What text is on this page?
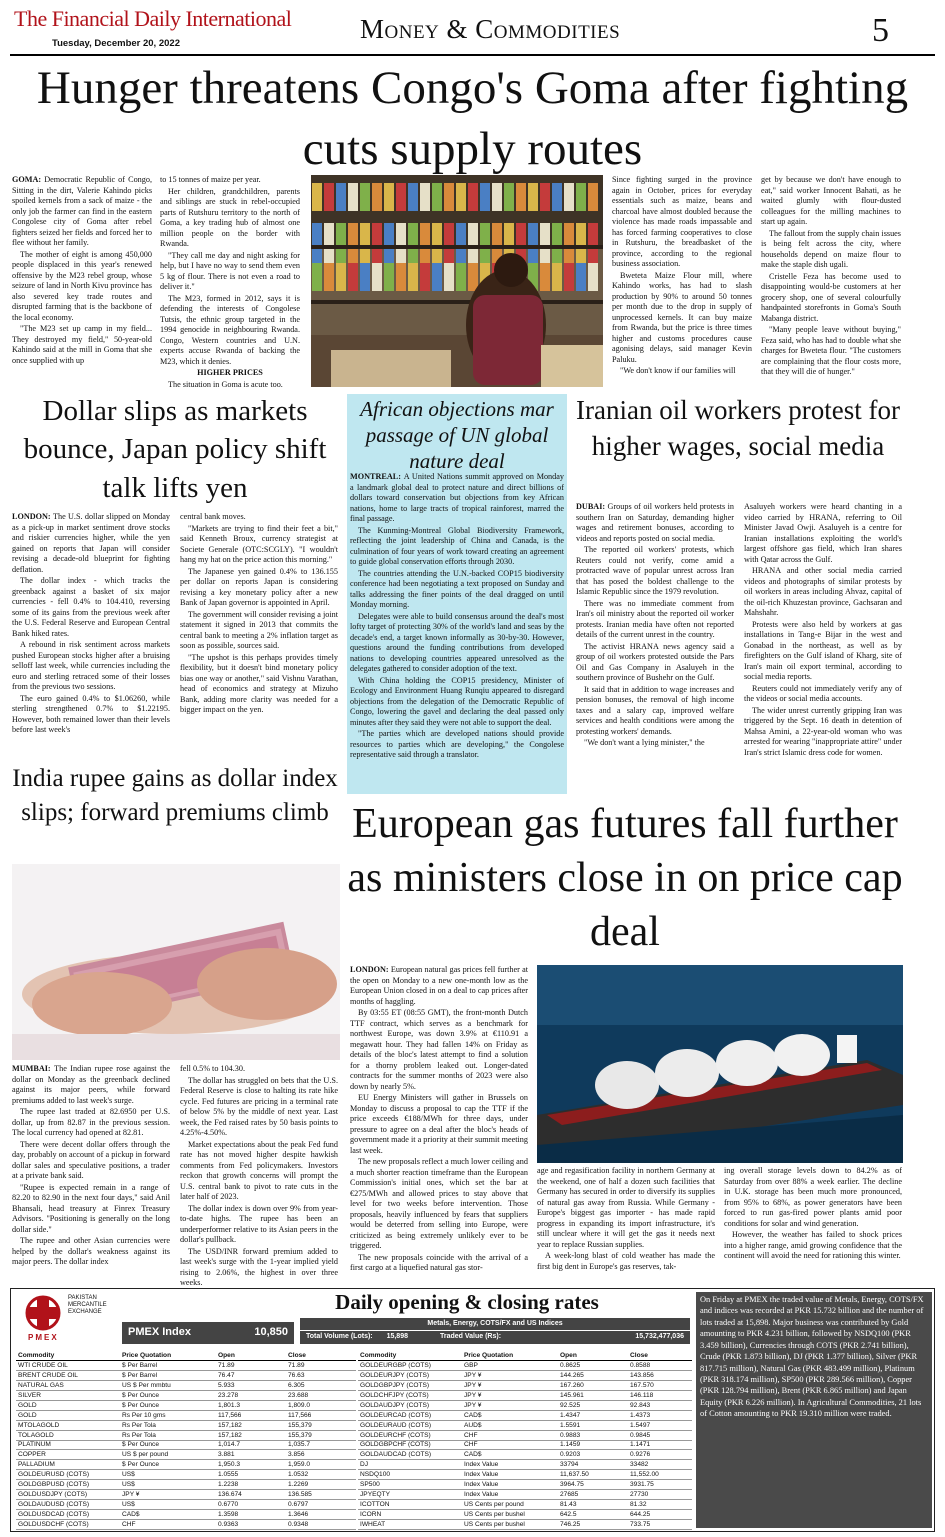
The Financial Daily International
Tuesday, December 20, 2022	Money & Commodities	5
Hunger threatens Congo's Goma after fighting cuts supply routes

GOMA: Democratic Republic of Congo, Sitting in the dirt, Valerie Kahindo picks spoiled kernels from a sack of maize - the only job the farmer can find in the eastern Congolese city of Goma after rebel fighters seized her fields and forced her to flee without her family.

The mother of eight is among 450,000 people displaced in this year's renewed offensive by the M23 rebel group, whose seizure of land in North Kivu province has also severed key trade routes and disrupted farming that is the backbone of the local economy.

"The M23 set up camp in my field... They destroyed my field," 50-year-old Kahindo said at the mill in Goma that she once supplied with up

to 15 tonnes of maize per year.

Her children, grandchildren, parents and siblings are stuck in rebel-occupied parts of Rutshuru territory to the north of Goma, a key trading hub of almost one million people on the border with Rwanda.

"They call me day and night asking for help, but I have no way to send them even 5 kg of flour. There is not even a road to deliver it."

The M23, formed in 2012, says it is defending the interests of Congolese Tutsis, the ethnic group targeted in the 1994 genocide in neighbouring Rwanda. Congo, Western countries and U.N. experts accuse Rwanda of backing the M23, which it denies.

HIGHER PRICES

The situation in Goma is acute too.

Since fighting surged in the province again in October, prices for everyday essentials such as maize, beans and charcoal have almost doubled because the violence has made roads impassable and has forced farming cooperatives to close in Rutshuru, the breadbasket of the province, according to the regional business association.

Bweteta Maize Flour mill, where Kahindo works, has had to slash production by 90% to around 50 tonnes per month due to the drop in supply of unprocessed kernels. It can buy maize from Rwanda, but the price is three times higher and customs procedures cause agonising delays, said manager Kevin Paluku.

"We don't know if our families will

get by because we don't have enough to eat," said worker Innocent Bahati, as he waited glumly with flour-dusted colleagues for the milling machines to start up again.

The fallout from the supply chain issues is being felt across the city, where households depend on maize flour to make the staple dish ugali.

Cristelle Feza has become used to disappointing would-be customers at her grocery shop, one of several colourfully handpainted storefronts in Goma's South Mabanga district.

"Many people leave without buying," Feza said, who has had to double what she charges for Bweteta flour. "The customers are complaining that the flour costs more, that they will die of hunger."

Dollar slips as markets bounce, Japan policy shift talk lifts yen

LONDON: The U.S. dollar slipped on Monday as a pick-up in market sentiment drove stocks and riskier currencies higher, while the yen gained on reports that Japan will consider revising a decade-old blueprint for fighting deflation.

The dollar index - which tracks the greenback against a basket of six major currencies - fell 0.4% to 104.410, reversing some of its gains from the previous week after the U.S. Federal Reserve and European Central Bank hiked rates.

A rebound in risk sentiment across markets pushed European stocks higher after a bruising selloff last week, while currencies including the euro and sterling retraced some of their losses from the previous two sessions.

The euro gained 0.4% to $1.06260, while sterling strengthened 0.7% to $1.22195. However, both remained lower than their levels before last week's

central bank moves.

"Markets are trying to find their feet a bit," said Kenneth Broux, currency strategist at Societe Generale (OTC:SCGLY). "I wouldn't hang my hat on the price action this morning."

The Japanese yen gained 0.4% to 136.155 per dollar on reports Japan is considering revising a key monetary policy after a new Bank of Japan governor is appointed in April.

The government will consider revising a joint statement it signed in 2013 that commits the central bank to meeting a 2% inflation target as soon as possible, sources said.

"The upshot is this perhaps provides timely flexibility, but it doesn't bind monetary policy bias one way or another," said Vishnu Varathan, head of economics and strategy at Mizuho Bank, adding more clarity was needed for a bigger impact on the yen.

African objections mar passage of UN global nature deal

MONTREAL: A United Nations summit approved on Monday a landmark global deal to protect nature and direct billions of dollars toward conservation but objections from key African nations, home to large tracts of tropical rainforest, marred the final passage.

The Kunming-Montreal Global Biodiversity Framework, reflecting the joint leadership of China and Canada, is the culmination of four years of work toward creating an agreement to guide global conservation efforts through 2030.

The countries attending the U.N.-backed COP15 biodiversity conference had been negotiating a text proposed on Sunday and talks addressing the finer points of the deal dragged on until Monday morning.

Delegates were able to build consensus around the deal's most lofty target of protecting 30% of the world's land and seas by the decade's end, a target known informally as 30-by-30. However, questions around the funding contributions from developed nations to developing countries appeared unresolved as the delegates gathered to consider adoption of the text.

With China holding the COP15 presidency, Minister of Ecology and Environment Huang Runqiu appeared to disregard objections from the delegation of the Democratic Republic of Congo, lowering the gavel and declaring the deal passed only minutes after they said they were not able to support the deal.

"The parties which are developed nations should provide resources to parties which are developing," the Congolese representative said through a translator.

Iranian oil workers protest for higher wages, social media

DUBAI: Groups of oil workers held protests in southern Iran on Saturday, demanding higher wages and retirement bonuses, according to videos and reports posted on social media.

The reported oil workers' protests, which Reuters could not verify, come amid a protracted wave of popular unrest across Iran that has posed the boldest challenge to the Islamic Republic since the 1979 revolution.

There was no immediate comment from Iran's oil ministry about the reported oil worker protests. Iranian media have often not reported details of the current unrest in the country.

The activist HRANA news agency said a group of oil workers protested outside the Pars Oil and Gas Company in Asaluyeh in the southern province of Bushehr on the Gulf.

It said that in addition to wage increases and pension bonuses, the removal of high income taxes and a salary cap, improved welfare services and health conditions were among the protesting workers' demands.

"We don't want a lying minister," the

Asaluyeh workers were heard chanting in a video carried by HRANA, referring to Oil Minister Javad Owji. Asaluyeh is a centre for Iranian installations exploiting the world's largest offshore gas field, which Iran shares with Qatar across the Gulf.

HRANA and other social media carried videos and photographs of similar protests by oil workers in areas including Ahvaz, capital of the oil-rich Khuzestan province, Gachsaran and Mahshahr.

Protests were also held by workers at gas installations in Tang-e Bijar in the west and Gonabad in the northeast, as well as by firefighters on the Gulf island of Kharg, site of Iran's main oil export terminal, according to social media reports.

Reuters could not immediately verify any of the videos or social media accounts.

The wider unrest currently gripping Iran was triggered by the Sept. 16 death in detention of Mahsa Amini, a 22-year-old woman who was arrested for wearing "inappropriate attire" under Iran's strict Islamic dress code for women.

India rupee gains as dollar index slips; forward premiums climb

MUMBAI: The Indian rupee rose against the dollar on Monday as the greenback declined against its major peers, while forward premiums added to last week's surge.

The rupee last traded at 82.6950 per U.S. dollar, up from 82.87 in the previous session. The local currency had opened at 82.81.

There were decent dollar offers through the day, probably on account of a pickup in forward dollar sales and speculative positions, a trader at a private bank said.

"Rupee is expected remain in a range of 82.20 to 82.90 in the next four days," said Anil Bhansali, head treasury at Finrex Treasury Advisors. "Positioning is generally on the long dollar side."

The rupee and other Asian currencies were helped by the dollar's weakness against its major peers. The dollar index

fell 0.5% to 104.30.

The dollar has struggled on bets that the U.S. Federal Reserve is close to halting its rate hike cycle. Fed futures are pricing in a terminal rate of below 5% by the middle of next year. Last week, the Fed raised rates by 50 basis points to 4.25%-4.50%.

Market expectations about the peak Fed fund rate has not moved higher despite hawkish comments from Fed policymakers. Investors reckon that growth concerns will prompt the U.S. central bank to pivot to rate cuts in the later half of 2023.

The dollar index is down over 9% from year-to-date highs. The rupee has been an underperformer relative to its Asian peers in the dollar's pullback.

The USD/INR forward premium added to last week's surge with the 1-year implied yield rising to 2.06%, the highest in over three weeks.

European gas futures fall further as ministers close in on price cap deal

LONDON: European natural gas prices fell further at the open on Monday to a new one-month low as the European Union closed in on a deal to cap prices after months of haggling.

By 03:55 ET (08:55 GMT), the front-month Dutch TTF contract, which serves as a benchmark for northwest Europe, was down 3.9% at €110.91 a megawatt hour. They had fallen 14% on Friday as details of the bloc's latest attempt to find a solution for a thorny problem leaked out. Longer-dated contracts for the summer months of 2023 were also down by nearly 5%.

EU Energy Ministers will gather in Brussels on Monday to discuss a proposal to cap the TTF if the price exceeds €188/MWh for three days, under pressure to agree on a deal after the bloc's heads of government made it a priority at their summit meeting last week.

The new proposals reflect a much lower ceiling and a much shorter reaction timeframe than the European Commission's initial ones, which set the bar at €275/MWh and allowed prices to stay above that level for two weeks before intervention. Those proposals, heavily influenced by fears that suppliers would be deterred from selling into Europe, were criticized as being extremely unlikely ever to be triggered.

The new proposals coincide with the arrival of a first cargo at a liquefied natural gas stor-

age and regasification facility in northern Germany at the weekend, one of half a dozen such facilities that Germany has secured in order to diversify its supplies of natural gas away from Russia. While Germany - Europe's biggest gas importer - has made rapid progress in expanding its import infrastructure, it's still unclear where it will get the gas it needs next year to replace Russian supplies.

A week-long blast of cold weather has made the first big dent in Europe's gas reserves, tak-

ing overall storage levels down to 84.2% as of Saturday from over 88% a week earlier. The decline in U.K. storage has been much more pronounced, from 95% to 68%, as power generators have been forced to run gas-fired power plants amid poor conditions for solar and wind generation.

However, the weather has failed to shock prices into a higher range, amid growing confidence that the continent will avoid the need for rationing this winter.

PAKISTAN
MERCANTILE
EXCHANGE
PMEX
Daily opening & closing rates
PMEX Index	10,850
Metals, Energy, COTS/FX and US Indices
Total Volume (Lots): 15,898	Traded Value (Rs):	15,732,477,036
Commodity	Price Quotation	Open	Close
WTI CRUDE OIL	$ Per Barrel	71.89	71.89
BRENT CRUDE OIL	$ Per Barrel	76.47	76.63
NATURAL GAS	US $ Per mmbtu	5.933	6.305
SILVER	$ Per Ounce	23.278	23.688
GOLD	$ Per Ounce	1,801.3	1,809.0
GOLD	Rs Per 10 gms	117,566	117,566
MTOLAGOLD	Rs Per Tola	157,182	155,379
TOLAGOLD	Rs Per Tola	157,182	155,379
PLATINUM	$ Per Ounce	1,014.7	1,035.7
COPPER	US $ per pound	3.881	3.856
PALLADIUM	$ Per Ounce	1,950.3	1,959.0
GOLDEURUSD (COTS)	US$	1.0555	1.0532
GOLDGBPUSD (COTS)	US$	1.2238	1.2269
GOLDUSDJPY (COTS)	JPY ¥	136.674	136.585
GOLDAUDUSD (COTS)	US$	0.6770	0.6797
GOLDUSDCAD (COTS)	CAD$	1.3598	1.3646
GOLDUSDCHF (COTS)	CHF	0.9363	0.9348
Commodity	Price Quotation	Open	Close
GOLDEURGBP (COTS)	GBP	0.8625	0.8588
GOLDEURJPY (COTS)	JPY ¥	144.265	143.856
GOLDGBPJPY (COTS)	JPY ¥	167.260	167.570
GOLDCHFJPY (COTS)	JPY ¥	145.961	146.118
GOLDAUDJPY (COTS)	JPY ¥	92.525	92.843
GOLDEURCAD (COTS)	CAD$	1.4347	1.4373
GOLDEURAUD (COTS)	AUD$	1.5591	1.5497
GOLDEURCHF (COTS)	CHF	0.9883	0.9845
GOLDGBPCHF (COTS)	CHF	1.1459	1.1471
GOLDAUDCAD (COTS)	CAD$	0.9203	0.9276
DJ	Index Value	33794	33482
NSDQ100	Index Value	11,637.50	11,552.00
SP500	Index Value	3964.75	3931.75
JPYEQTY	Index Value	27685	27730
ICOTTON	US Cents per pound	81.43	81.32
ICORN	US Cents per bushel	642.5	644.25
IWHEAT	US Cents per bushel	746.25	733.75
On Friday at PMEX the traded value of Metals, Energy, COTS/FX and indices was recorded at PKR 15.732 billion and the number of lots traded at 15,898. Major business was contributed by Gold amounting to PKR 4.231 billion, followed by NSDQ100 (PKR 3.459 billion), Currencies through COTS (PKR 2.741 billion), Crude (PKR 1.873 billion), DJ (PKR 1.377 billion), Silver (PKR 817.715 million), Natural Gas (PKR 483.499 million), Platinum (PKR 318.174 million), SP500 (PKR 289.566 million), Copper (PKR 128.794 million), Brent (PKR 6.865 million) and Japan Equity (PKR 6.226 million). In Agricultural Commodities, 21 lots of Cotton amounting to PKR 19.310 million were traded.
